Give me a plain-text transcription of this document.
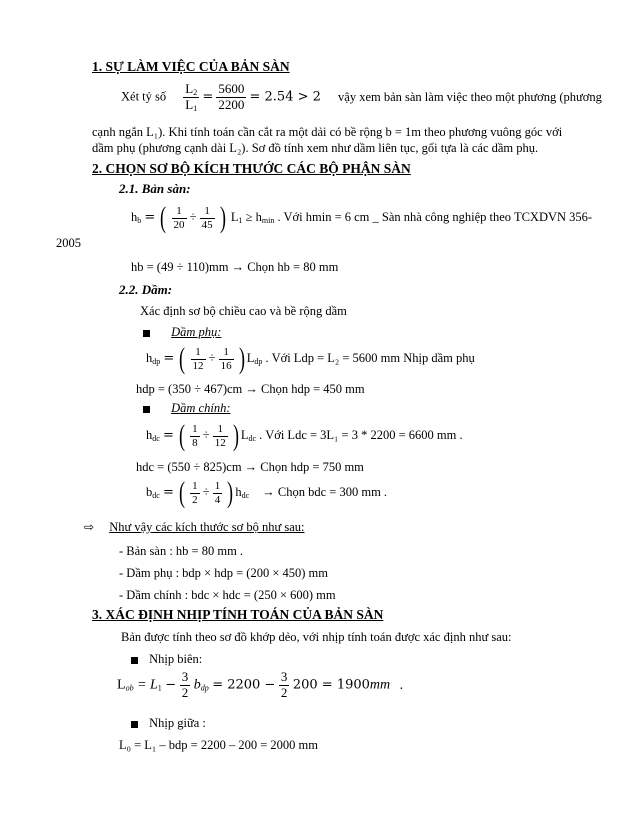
1. SỰ LÀM VIỆC CỦA BẢN SÀN
Xét tỷ số $\frac{L_2}{L_1} = \frac{5600}{2200} = 2.54 > 2$ vậy xem bản sàn làm việc theo một phương (phương
cạnh ngắn L₁). Khi tính toán cần cắt ra một dải có bề rộng b = 1m theo phương vuông góc với
dầm phụ (phương cạnh dài L₂). Sơ đồ tính xem như dầm liên tục, gối tựa là các dầm phụ.
2. CHỌN SƠ BỘ KÍCH THƯỚC CÁC BỘ PHẬN SÀN
2.1. Bản sàn:
$h_b$ = ( $\frac{1}{20} \div \frac{1}{45}$ ) $L_1 \ge h_{min}$ . Với hmin = 6 cm _ Sàn nhà công nghiệp theo TCXDVN 356-
2005
hb = (49 ÷ 110)mm → Chọn hb = 80 mm
2.2. Dầm:
Xác định sơ bộ chiều cao và bề rộng dầm
Dầm phụ:
$h_{dp}$ = ( $\frac{1}{12} \div \frac{1}{16}$ ) $L_{dp}$ . Với Ldp = L₂ = 5600 mm Nhịp dầm phụ
hdp = (350 ÷ 467)cm → Chọn hdp = 450 mm
Dầm chính:
$h_{dc}$ = ( $\frac{1}{8} \div \frac{1}{12}$ ) $L_{dc}$ . Với Ldc = 3L₁ = 3 * 2200 = 6600 mm .
hdc = (550 ÷ 825)cm → Chọn hdp = 750 mm
$b_{dc}$ = ( $\frac{1}{2} \div \frac{1}{4}$ ) $h_{dc}$ → Chọn bdc = 300 mm .
⇨ Như vậy các kích thước sơ bộ như sau:
- Bản sàn : hb = 80 mm .
- Dầm phụ : bdp × hdp = (200 × 450) mm
- Dầm chính : bdc × hdc = (250 × 600) mm
3. XÁC ĐỊNH NHỊP TÍNH TOÁN CỦA BẢN SÀN
Bản được tính theo sơ đồ khớp dẻo, với nhịp tính toán được xác định như sau:
Nhịp biên:
$L_{ob} = L_1 - \frac{3}{2} b_{dp} = 2200 - \frac{3}{2} 200 = 1900mm$ .
Nhịp giữa :
L₀ = L₁ – bdp = 2200 – 200 = 2000 mm
